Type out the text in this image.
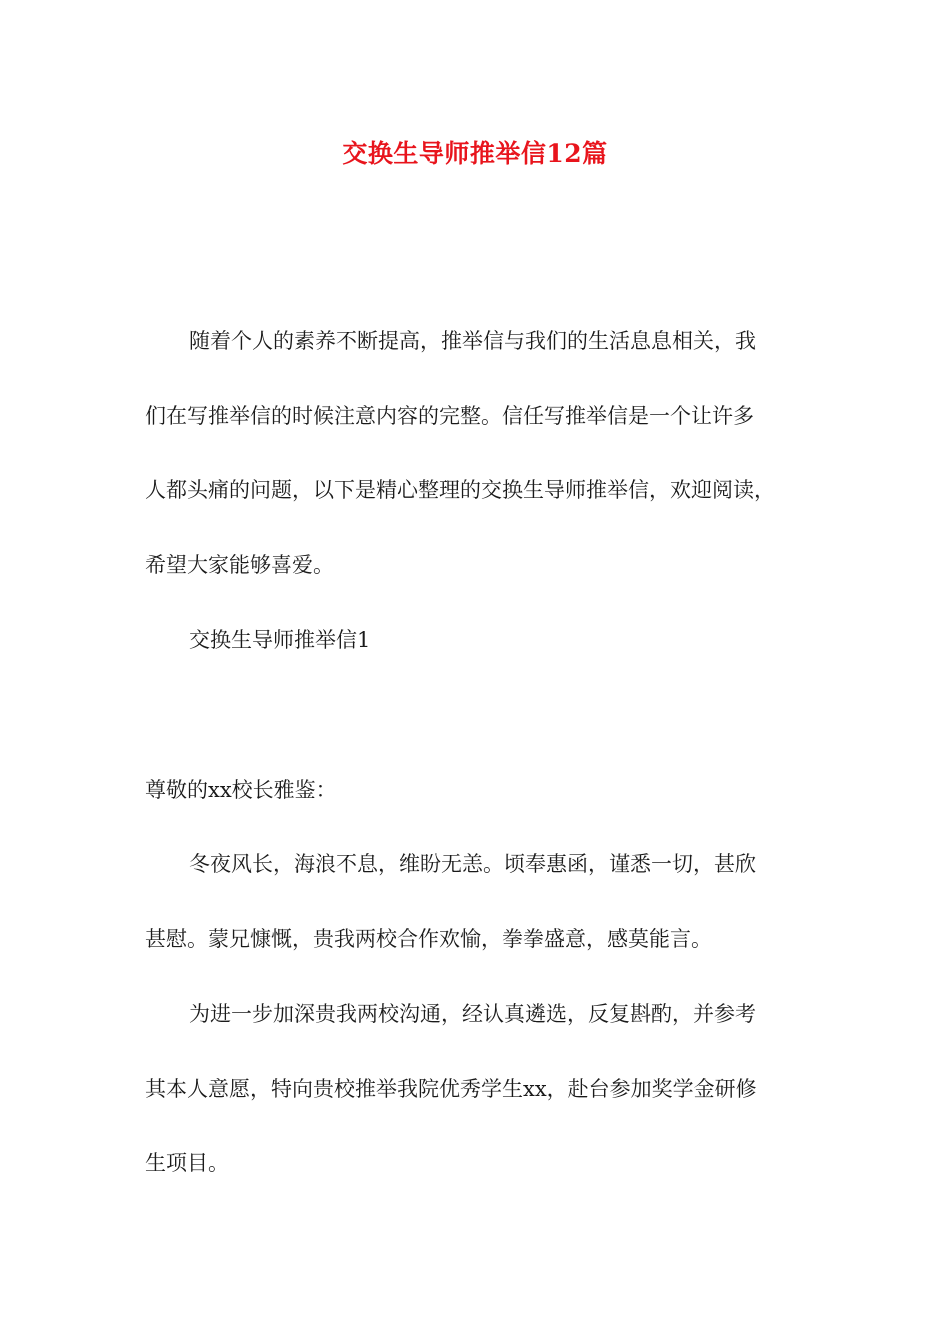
交换生导师推举信12篇

随着个人的素养不断提高，推举信与我们的生活息息相关，我

们在写推举信的时候注意内容的完整。信任写推举信是一个让许多

人都头痛的问题，以下是精心整理的交换生导师推举信，欢迎阅读，

希望大家能够喜爱。

交换生导师推举信1

尊敬的xx校长雅鉴：

冬夜风长，海浪不息，维盼无恙。顷奉惠函，谨悉一切，甚欣

甚慰。蒙兄慷慨，贵我两校合作欢愉，拳拳盛意，感莫能言。

为进一步加深贵我两校沟通，经认真遴选，反复斟酌，并参考

其本人意愿，特向贵校推举我院优秀学生xx，赴台参加奖学金研修

生项目。
